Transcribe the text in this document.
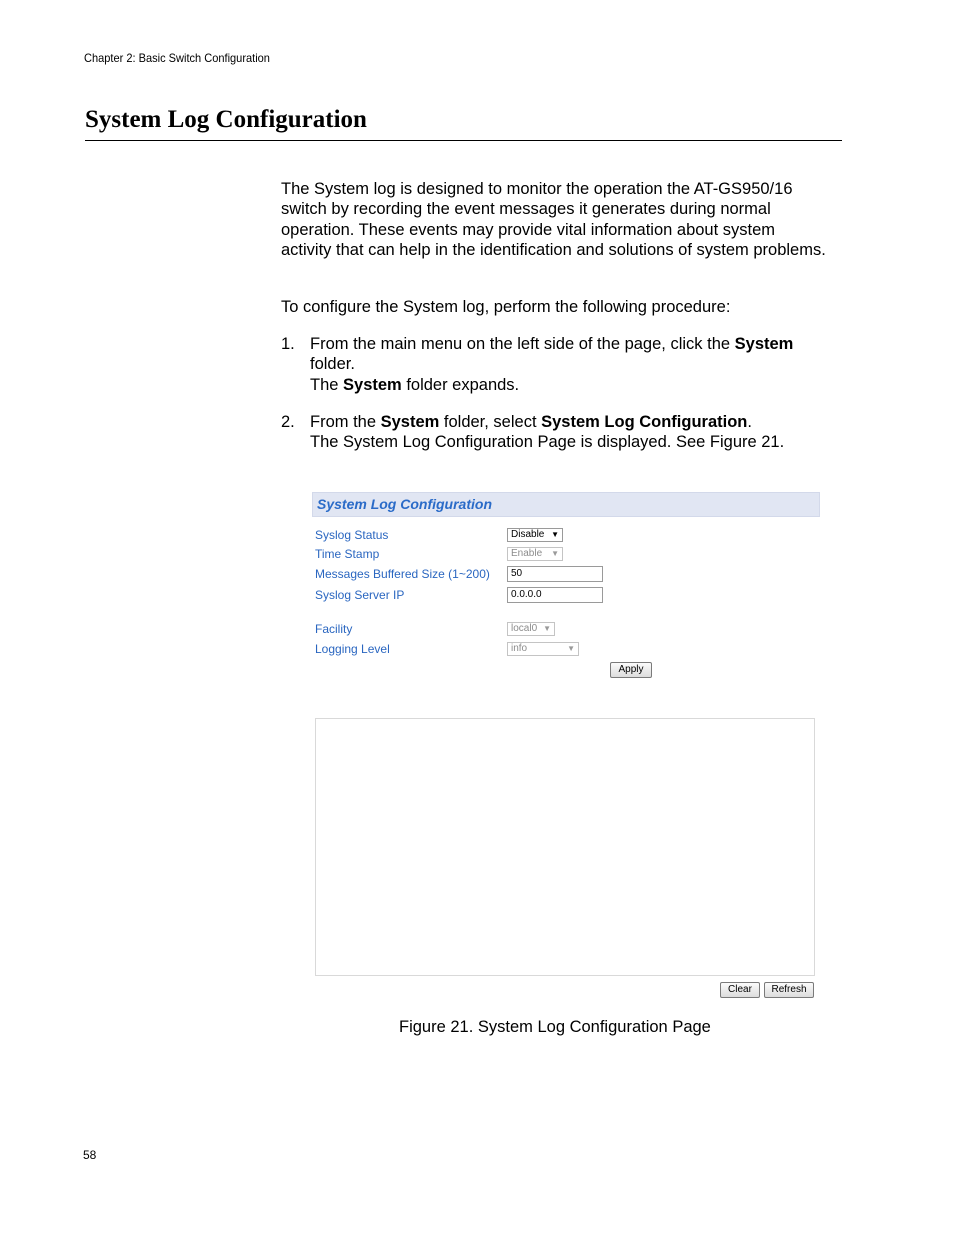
Chapter 2: Basic Switch Configuration
System Log Configuration

The System log is designed to monitor the operation the AT-GS950/16 switch by recording the event messages it generates during normal operation. These events may provide vital information about system activity that can help in the identification and solutions of system problems.

To configure the System log, perform the following procedure:

1. From the main menu on the left side of the page, click the System folder.
The System folder expands.
2. From the System folder, select System Log Configuration.
The System Log Configuration Page is displayed. See Figure 21.
System Log Configuration
Syslog Status	Disable ▼
Time Stamp	Enable ▼
Messages Buffered Size (1~200)	50
Syslog Server IP	0.0.0.0
Facility	local0 ▼
Logging Level	info	▼
Apply
Clear	Refresh
Figure 21. System Log Configuration Page
58
